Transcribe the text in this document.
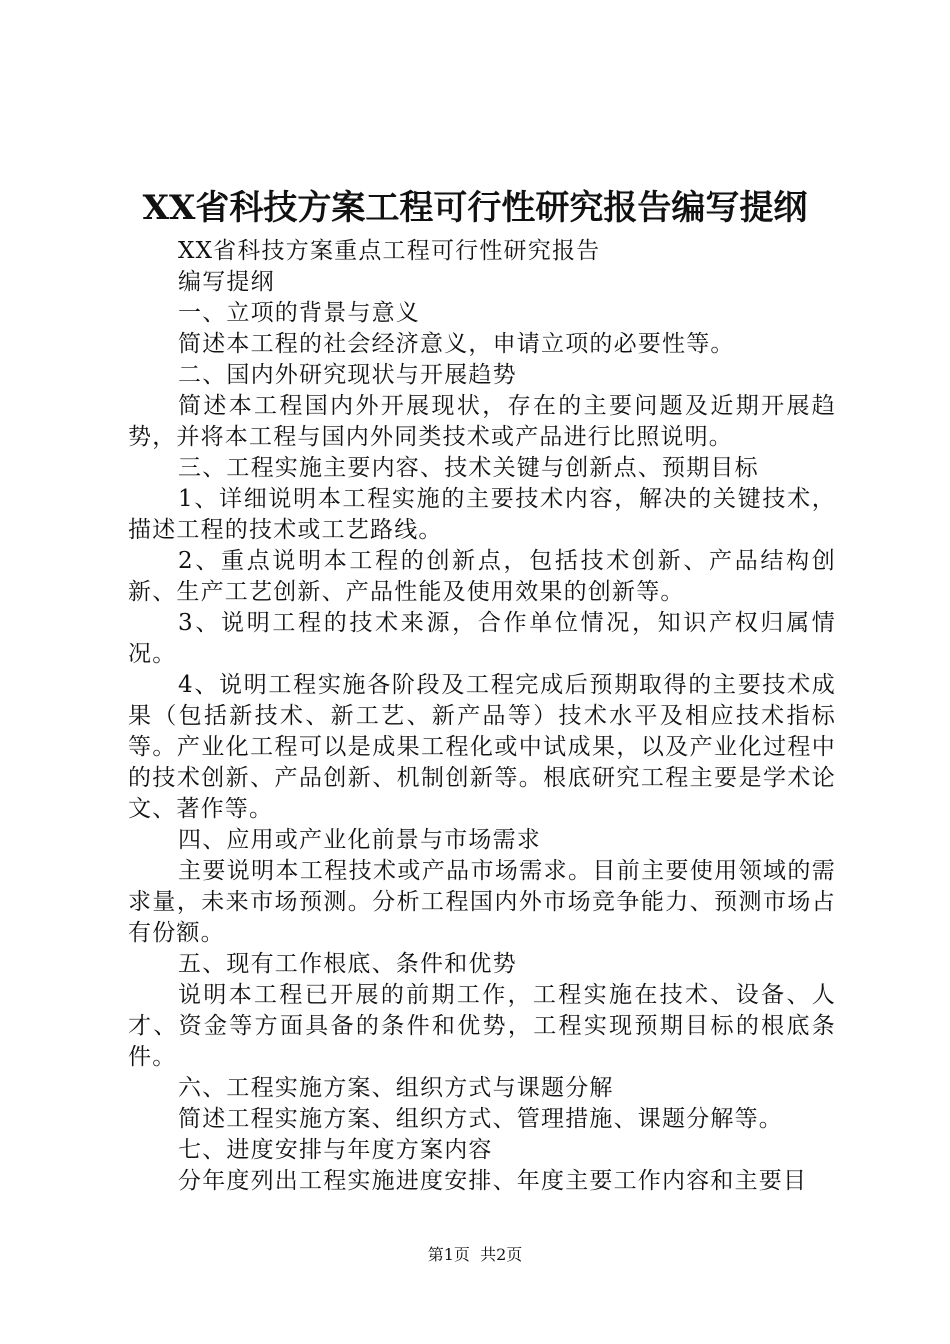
XX省科技方案工程可行性研究报告编写提纲

XX省科技方案重点工程可行性研究报告

编写提纲

一、立项的背景与意义

简述本工程的社会经济意义，申请立项的必要性等。

二、国内外研究现状与开展趋势

简述本工程国内外开展现状，存在的主要问题及近期开展趋势，并将本工程与国内外同类技术或产品进行比照说明。

三、工程实施主要内容、技术关键与创新点、预期目标

1、详细说明本工程实施的主要技术内容，解决的关键技术，描述工程的技术或工艺路线。

2、重点说明本工程的创新点，包括技术创新、产品结构创新、生产工艺创新、产品性能及使用效果的创新等。

3、说明工程的技术来源，合作单位情况，知识产权归属情况。

4、说明工程实施各阶段及工程完成后预期取得的主要技术成果（包括新技术、新工艺、新产品等）技术水平及相应技术指标等。产业化工程可以是成果工程化或中试成果，以及产业化过程中的技术创新、产品创新、机制创新等。根底研究工程主要是学术论文、著作等。

四、应用或产业化前景与市场需求

主要说明本工程技术或产品市场需求。目前主要使用领域的需求量，未来市场预测。分析工程国内外市场竞争能力、预测市场占有份额。

五、现有工作根底、条件和优势

说明本工程已开展的前期工作，工程实施在技术、设备、人才、资金等方面具备的条件和优势，工程实现预期目标的根底条件。

六、工程实施方案、组织方式与课题分解

简述工程实施方案、组织方式、管理措施、课题分解等。

七、进度安排与年度方案内容

分年度列出工程实施进度安排、年度主要工作内容和主要目

第1页  共2页
